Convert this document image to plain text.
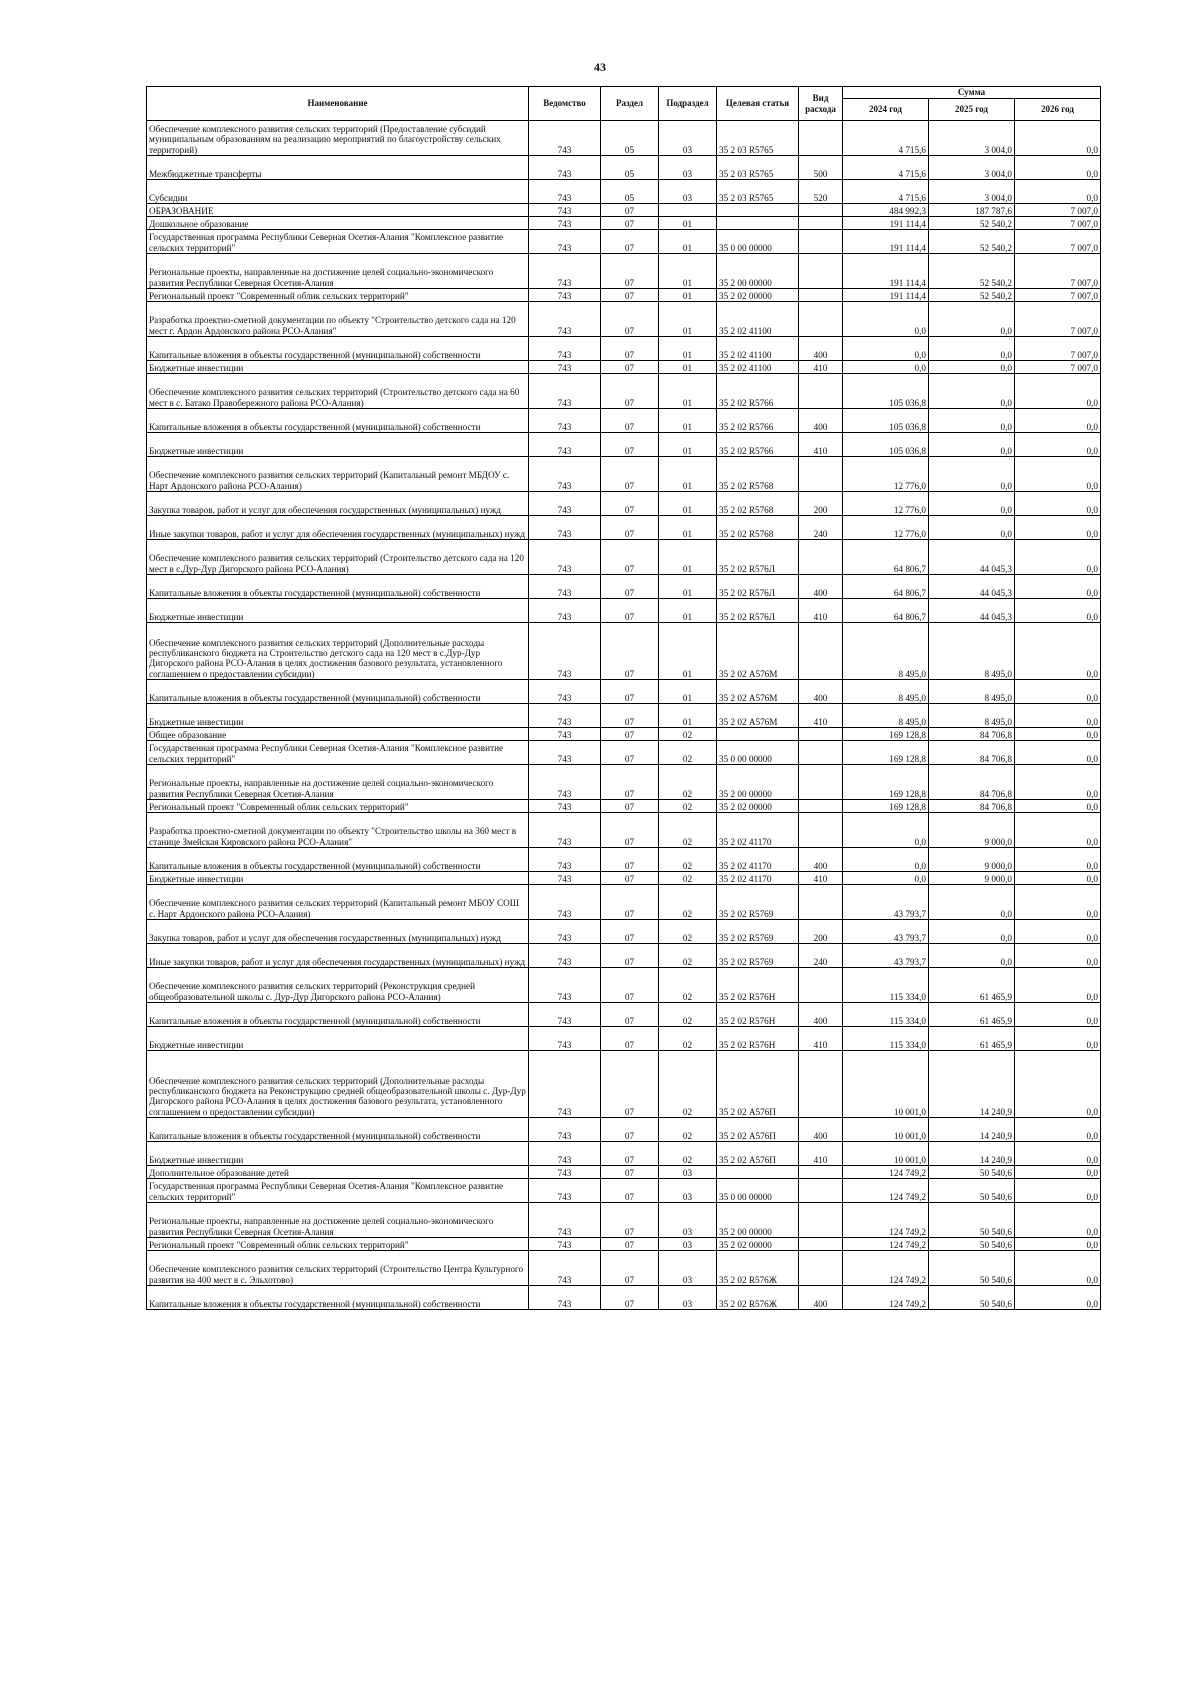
43
Наименование	Ведомство	Раздел	Подраздел	Целевая статья	Вид расхода	Сумма		
						2024 год	2025 год	2026 год
Обеспечение комплексного развития сельских территорий (Предоставление субсидий муниципальным образованиям на реализацию мероприятий по благоустройству сельских территорий)	743	05	03	35 2 03 R5765		4 715,6	3 004,0	0,0
Межбюджетные трансферты	743	05	03	35 2 03 R5765	500	4 715,6	3 004,0	0,0
Субсидии	743	05	03	35 2 03 R5765	520	4 715,6	3 004,0	0,0
ОБРАЗОВАНИЕ	743	07				484 992,3	187 787,6	7 007,0
Дошкольное образование	743	07	01			191 114,4	52 540,2	7 007,0
Государственная программа Республики Северная Осетия-Алания "Комплексное развитие сельских территорий"	743	07	01	35 0 00 00000		191 114,4	52 540,2	7 007,0
Региональные проекты, направленные на достижение целей социально-экономического развития Республики Северная Осетия-Алания	743	07	01	35 2 00 00000		191 114,4	52 540,2	7 007,0
Региональный проект "Современный облик сельских территорий"	743	07	01	35 2 02 00000		191 114,4	52 540,2	7 007,0
Разработка проектно-сметной документации по объекту "Строительство детского сада на 120 мест г. Ардон Ардонского района РСО-Алания"	743	07	01	35 2 02 41100		0,0	0,0	7 007,0
Капитальные вложения в объекты государственной (муниципальной) собственности	743	07	01	35 2 02 41100	400	0,0	0,0	7 007,0
Бюджетные инвестиции	743	07	01	35 2 02 41100	410	0,0	0,0	7 007,0
Обеспечение комплексного развития сельских территорий (Строительство детского сада на 60 мест в с. Батако Правобережного района РСО-Алания)	743	07	01	35 2 02 R5766		105 036,8	0,0	0,0
Капитальные вложения в объекты государственной (муниципальной) собственности	743	07	01	35 2 02 R5766	400	105 036,8	0,0	0,0
Бюджетные инвестиции	743	07	01	35 2 02 R5766	410	105 036,8	0,0	0,0
Обеспечение комплексного развития сельских территорий (Капитальный ремонт МБДОУ с. Нарт Ардонского района РСО-Алания)	743	07	01	35 2 02 R5768		12 776,0	0,0	0,0
Закупка товаров, работ и услуг для обеспечения государственных (муниципальных) нужд	743	07	01	35 2 02 R5768	200	12 776,0	0,0	0,0
Иные закупки товаров, работ и услуг для обеспечения государственных (муниципальных) нужд	743	07	01	35 2 02 R5768	240	12 776,0	0,0	0,0
Обеспечение комплексного развития сельских территорий (Строительство детского сада на 120 мест в с.Дур-Дур Дигорского района РСО-Алания)	743	07	01	35 2 02 R576Л		64 806,7	44 045,3	0,0
Капитальные вложения в объекты государственной (муниципальной) собственности	743	07	01	35 2 02 R576Л	400	64 806,7	44 045,3	0,0
Бюджетные инвестиции	743	07	01	35 2 02 R576Л	410	64 806,7	44 045,3	0,0
Обеспечение комплексного развития сельских территорий (Дополнительные расходы республиканского бюджета на Строительство детского сада на 120 мест в с.Дур-Дур Дигорского района РСО-Алания в целях достижения базового результата, установленного соглашением о предоставлении субсидии)	743	07	01	35 2 02 А576М		8 495,0	8 495,0	0,0
Капитальные вложения в объекты государственной (муниципальной) собственности	743	07	01	35 2 02 А576М	400	8 495,0	8 495,0	0,0
Бюджетные инвестиции	743	07	01	35 2 02 А576М	410	8 495,0	8 495,0	0,0
Общее образование	743	07	02			169 128,8	84 706,8	0,0
Государственная программа Республики Северная Осетия-Алания "Комплексное развитие сельских территорий"	743	07	02	35 0 00 00000		169 128,8	84 706,8	0,0
Региональные проекты, направленные на достижение целей социально-экономического развития Республики Северная Осетия-Алания	743	07	02	35 2 00 00000		169 128,8	84 706,8	0,0
Региональный проект "Современный облик сельских территорий"	743	07	02	35 2 02 00000		169 128,8	84 706,8	0,0
Разработка проектно-сметной документации по объекту "Строительство школы на 360 мест в станице Змейская Кировского района РСО-Алания"	743	07	02	35 2 02 41170		0,0	9 000,0	0,0
Капитальные вложения в объекты государственной (муниципальной) собственности	743	07	02	35 2 02 41170	400	0,0	9 000,0	0,0
Бюджетные инвестиции	743	07	02	35 2 02 41170	410	0,0	9 000,0	0,0
Обеспечение комплексного развития сельских территорий (Капитальный ремонт МБОУ СОШ с. Нарт Ардонского района РСО-Алания)	743	07	02	35 2 02 R5769		43 793,7	0,0	0,0
Закупка товаров, работ и услуг для обеспечения государственных (муниципальных) нужд	743	07	02	35 2 02 R5769	200	43 793,7	0,0	0,0
Иные закупки товаров, работ и услуг для обеспечения государственных (муниципальных) нужд	743	07	02	35 2 02 R5769	240	43 793,7	0,0	0,0
Обеспечение комплексного развития сельских территорий (Реконструкция средней общеобразовательной школы с. Дур-Дур Дигорского района РСО-Алания)	743	07	02	35 2 02 R576Н		115 334,0	61 465,9	0,0
Капитальные вложения в объекты государственной (муниципальной) собственности	743	07	02	35 2 02 R576Н	400	115 334,0	61 465,9	0,0
Бюджетные инвестиции	743	07	02	35 2 02 R576Н	410	115 334,0	61 465,9	0,0
Обеспечение комплексного развития сельских территорий (Дополнительные расходы республиканского бюджета на Реконструкцию средней общеобразовательной школы с. Дур-Дур Дигорского района РСО-Алания в целях достижения базового результата, установленного соглашением о предоставлении субсидии)	743	07	02	35 2 02 А576П		10 001,0	14 240,9	0,0
Капитальные вложения в объекты государственной (муниципальной) собственности	743	07	02	35 2 02 А576П	400	10 001,0	14 240,9	0,0
Бюджетные инвестиции	743	07	02	35 2 02 А576П	410	10 001,0	14 240,9	0,0
Дополнительное образование детей	743	07	03			124 749,2	50 540,6	0,0
Государственная программа Республики Северная Осетия-Алания "Комплексное развитие сельских территорий"	743	07	03	35 0 00 00000		124 749,2	50 540,6	0,0
Региональные проекты, направленные на достижение целей социально-экономического развития Республики Северная Осетия-Алания	743	07	03	35 2 00 00000		124 749,2	50 540,6	0,0
Региональный проект "Современный облик сельских территорий"	743	07	03	35 2 02 00000		124 749,2	50 540,6	0,0
Обеспечение комплексного развития сельских территорий (Строительство Центра Культурного развития на 400 мест в с. Эльхотово)	743	07	03	35 2 02 R576Ж		124 749,2	50 540,6	0,0
Капитальные вложения в объекты государственной (муниципальной) собственности	743	07	03	35 2 02 R576Ж	400	124 749,2	50 540,6	0,0
